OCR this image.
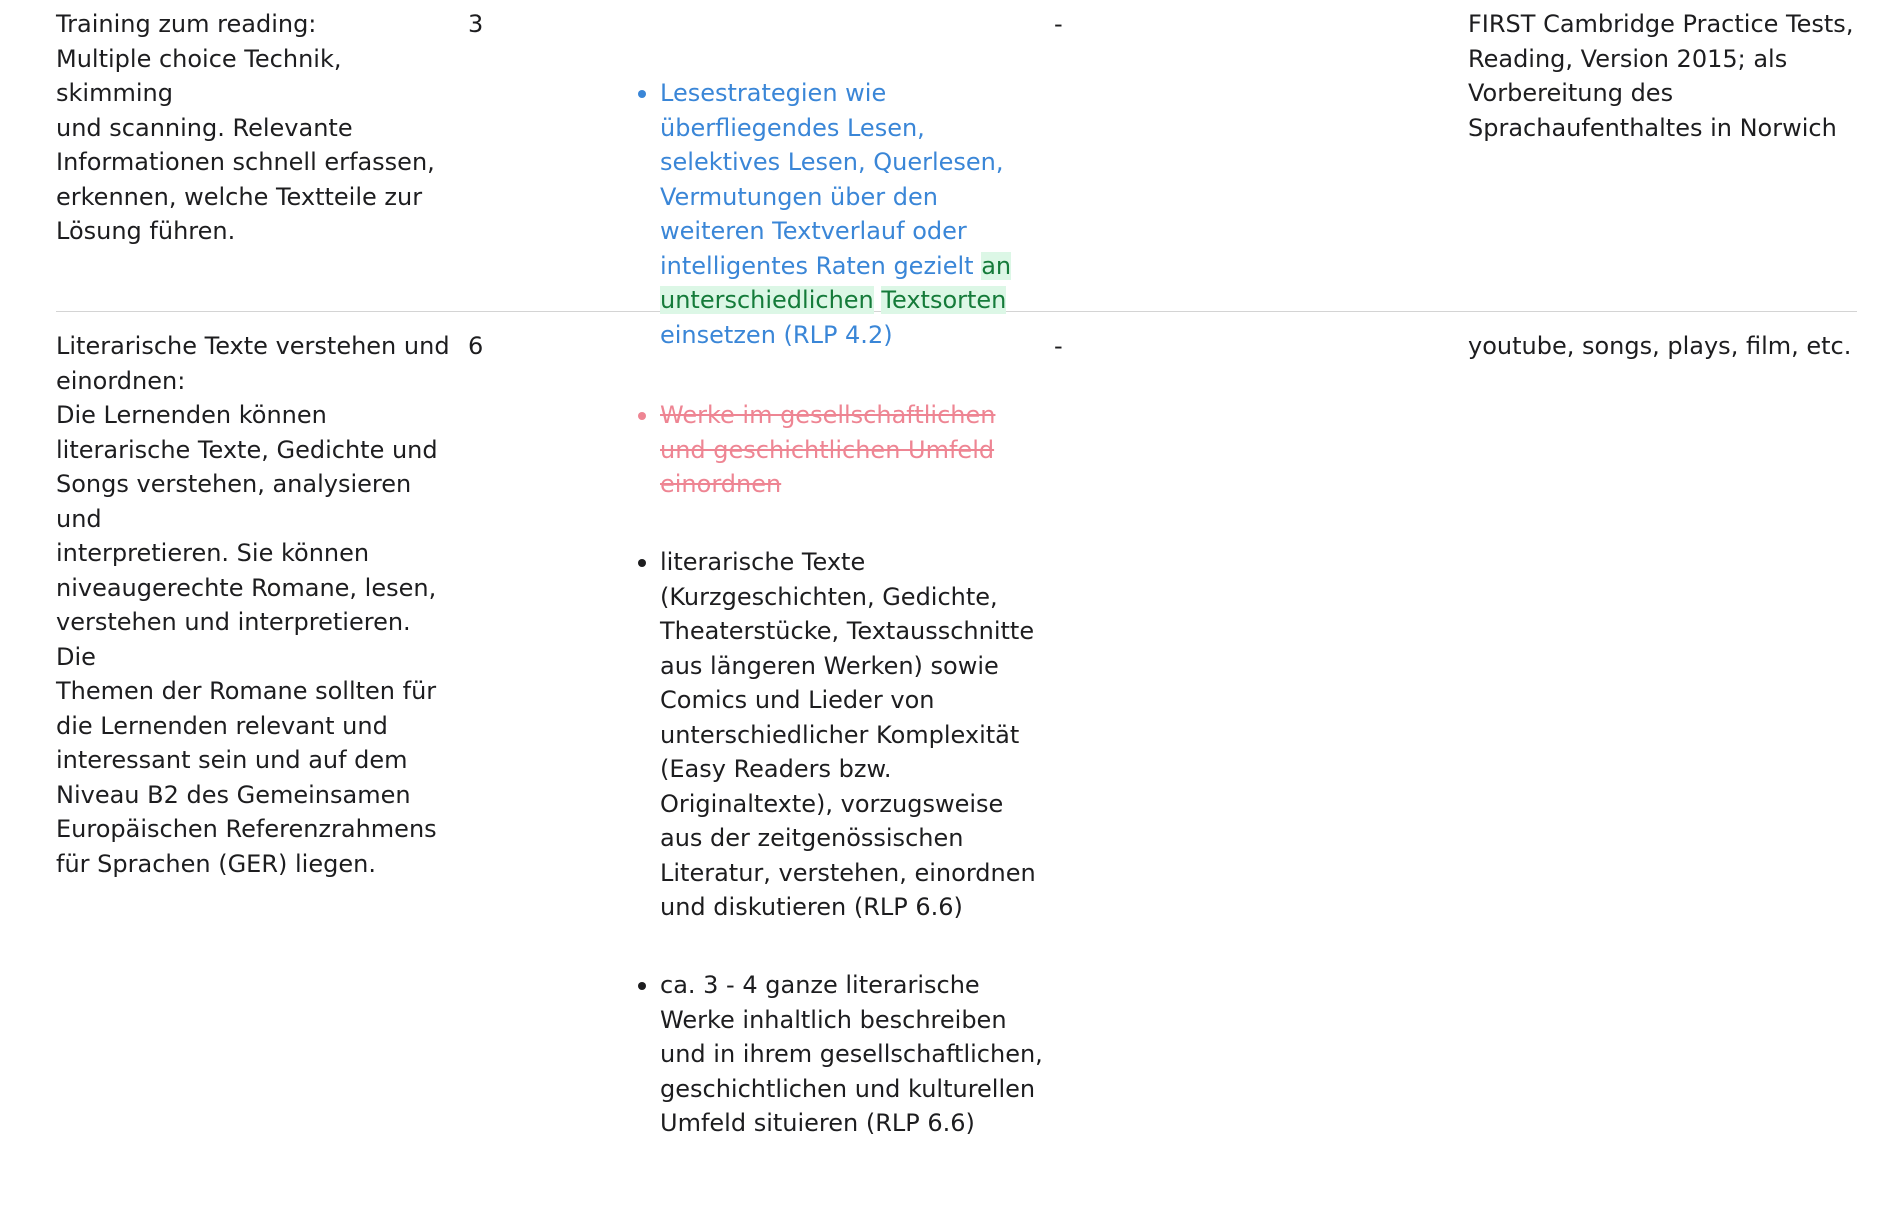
Training zum reading:
Multiple choice Technik, skimming
und scanning. Relevante
Informationen schnell erfassen,
erkennen, welche Textteile zur
Lösung führen.
3

Lesestrategien wie
überfliegendes Lesen,
selektives Lesen, Querlesen,
Vermutungen über den
weiteren Textverlauf oder
intelligentes Raten gezielt an
unterschiedlichen Textsorten
einsetzen (RLP 4.2)

-	FIRST Cambridge Practice Tests,
Reading, Version 2015; als
Vorbereitung des
Sprachaufenthaltes in Norwich
Literarische Texte verstehen und
einordnen:
Die Lernenden können
literarische Texte, Gedichte und
Songs verstehen, analysieren und
interpretieren. Sie können
niveaugerechte Romane, lesen,
verstehen und interpretieren. Die
Themen der Romane sollten für
die Lernenden relevant und
interessant sein und auf dem
Niveau B2 des Gemeinsamen
Europäischen Referenzrahmens
für Sprachen (GER) liegen.
6

Werke im gesellschaftlichen
und geschichtlichen Umfeld
einordnen

literarische Texte
(Kurzgeschichten, Gedichte,
Theaterstücke, Textausschnitte
aus längeren Werken) sowie
Comics und Lieder von
unterschiedlicher Komplexität
(Easy Readers bzw.
Originaltexte), vorzugsweise
aus der zeitgenössischen
Literatur, verstehen, einordnen
und diskutieren (RLP 6.6)

ca. 3 - 4 ganze literarische
Werke inhaltlich beschreiben
und in ihrem gesellschaftlichen,
geschichtlichen und kulturellen
Umfeld situieren (RLP 6.6)

-	youtube, songs, plays, film, etc.
